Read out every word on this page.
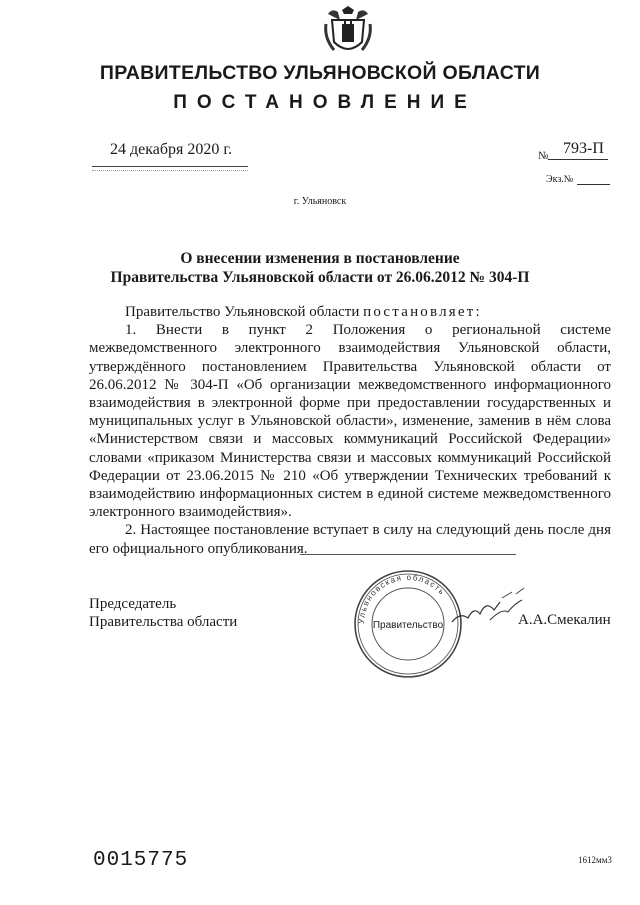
ПРАВИТЕЛЬСТВО УЛЬЯНОВСКОЙ ОБЛАСТИ
ПОСТАНОВЛЕНИЕ
24 декабря 2020 г.	№ 793-П
Экз.№
г. Ульяновск
О внесении изменения в постановление
Правительства Ульяновской области от 26.06.2012 № 304-П

Правительство Ульяновской области постановляет:

1. Внести в пункт 2 Положения о региональной системе межведомственного электронного взаимодействия Ульяновской области, утверждённого постановлением Правительства Ульяновской области от 26.06.2012 № 304-П «Об организации межведомственного информационного взаимодействия в электронной форме при предоставлении государственных и муниципальных услуг в Ульяновской области», изменение, заменив в нём слова «Министерством связи и массовых коммуникаций Российской Федерации» словами «приказом Министерства связи и массовых коммуникаций Российской Федерации от 23.06.2015 № 210 «Об утверждении Технических требований к взаимодействию информационных систем в единой системе межведомственного электронного взаимодействия».

2. Настоящее постановление вступает в силу на следующий день после дня его официального опубликования.

Председатель
Правительства области	Ульяновская область
Правительство	А.А.Смекалин
0015775	1612мм3
